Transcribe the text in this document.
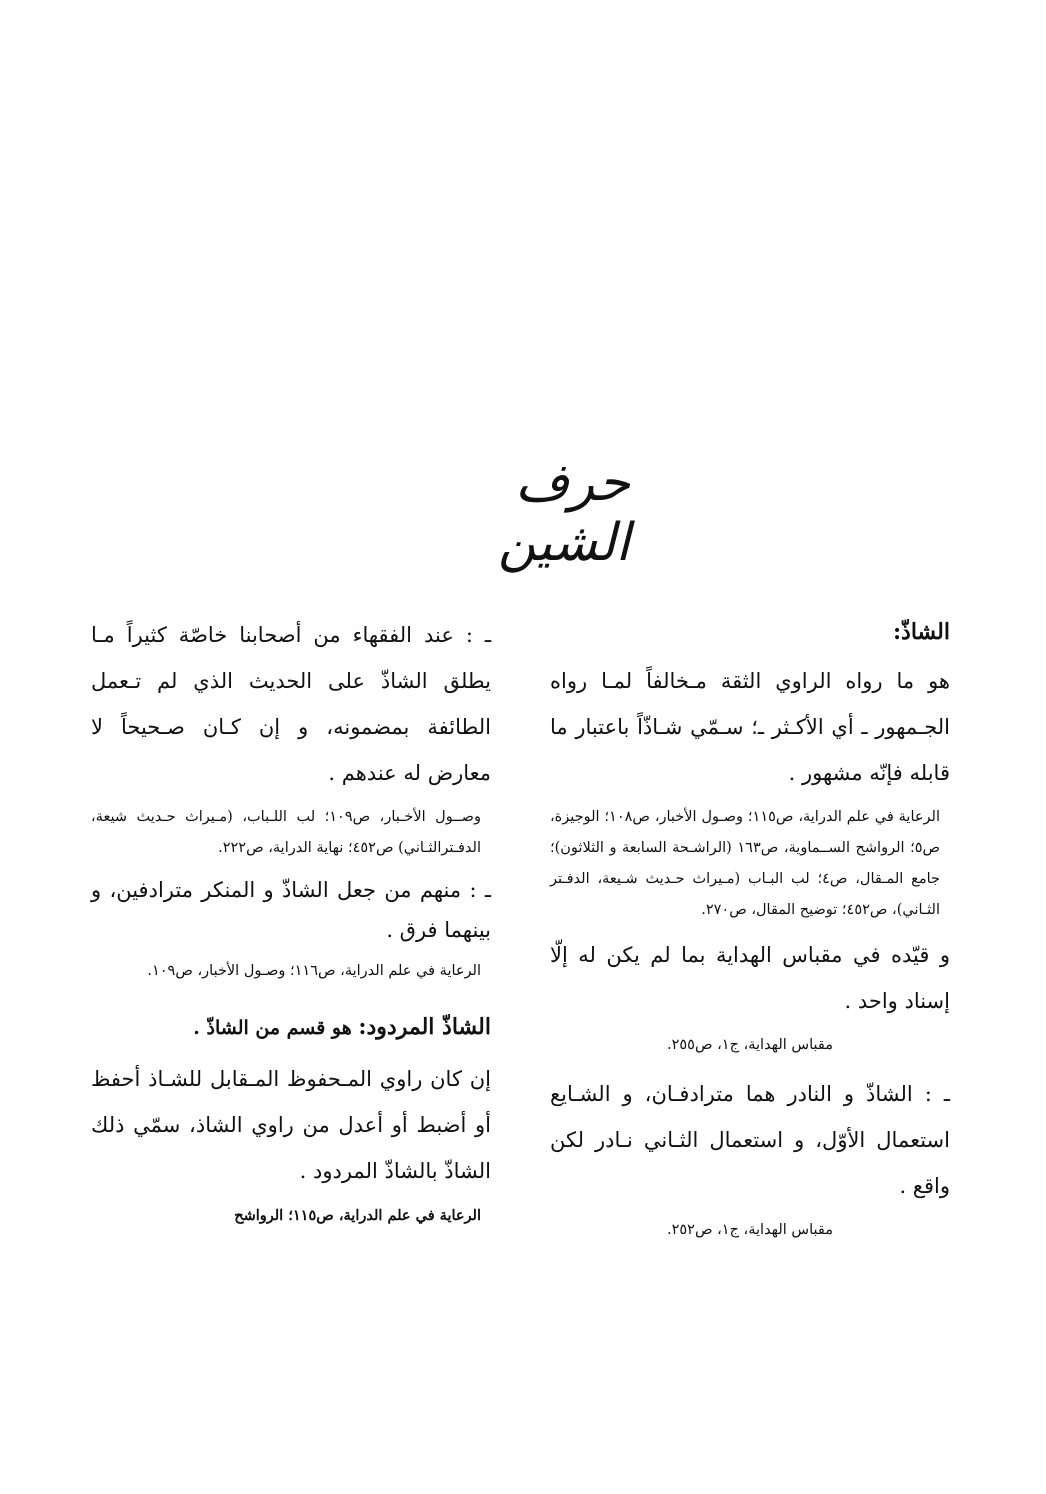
حرف الشين
الشاذّ:
هو ما رواه الراوي الثقة مـخالفاً لمـا رواه الجـمهور ـ أي الأكـثر ـ؛ سـمّي شـاذّاً باعتبار ما قابله فإنّه مشهور .
الرعاية في علم الدراية، ص١١٥؛ وصـول الأخبار، ص١٠٨؛ الوجيزة، ص٥؛ الرواشح الســماوية، ص١٦٣ (الراشـحة السابعة و الثلاثون)؛ جامع المـقال، ص٤؛ لب البـاب (مـيراث حـديث شـيعة، الدفـتر الثـاني)، ص٤٥٢؛ توضيح المقال، ص٢٧٠.
و قيّده في مقباس الهداية بما لم يكن له إلّا إسناد واحد .
مقباس الهداية، ج١، ص٢٥٥.
ـ : الشاذّ و النادر هما مترادفـان، و الشـايع استعمال الأوّل، و استعمال الثـاني نـادر لكن واقع .
مقباس الهداية، ج١، ص٢٥٢.
ـ : عند الفقهاء من أصحابنا خاصّة كثيراً مـا يطلق الشاذّ على الحديث الذي لم تـعمل الطائفة بمضمونه، و إن كـان صـحيحاً لا معارض له عندهم .
وصــول الأخـبار، ص١٠٩؛ لب اللـباب، (مـيراث حـديث شيعة، الدفـترالثـاني) ص٤٥٢؛ نهاية الدراية، ص٢٢٢.
ـ : منهم من جعل الشاذّ و المنكر مترادفين، و بينهما فرق .
الرعاية في علم الدراية، ص١١٦؛ وصـول الأخبار، ص١٠٩.
الشاذّ المردود: هو قسم من الشاذّ .
إن كان راوي المـحفوظ المـقابل للشـاذ أحفظ أو أضبط أو أعدل من راوي الشاذ، سمّي ذلك الشاذّ بالشاذّ المردود .
الرعاية في علم الدراية، ص١١٥؛ الرواشح
